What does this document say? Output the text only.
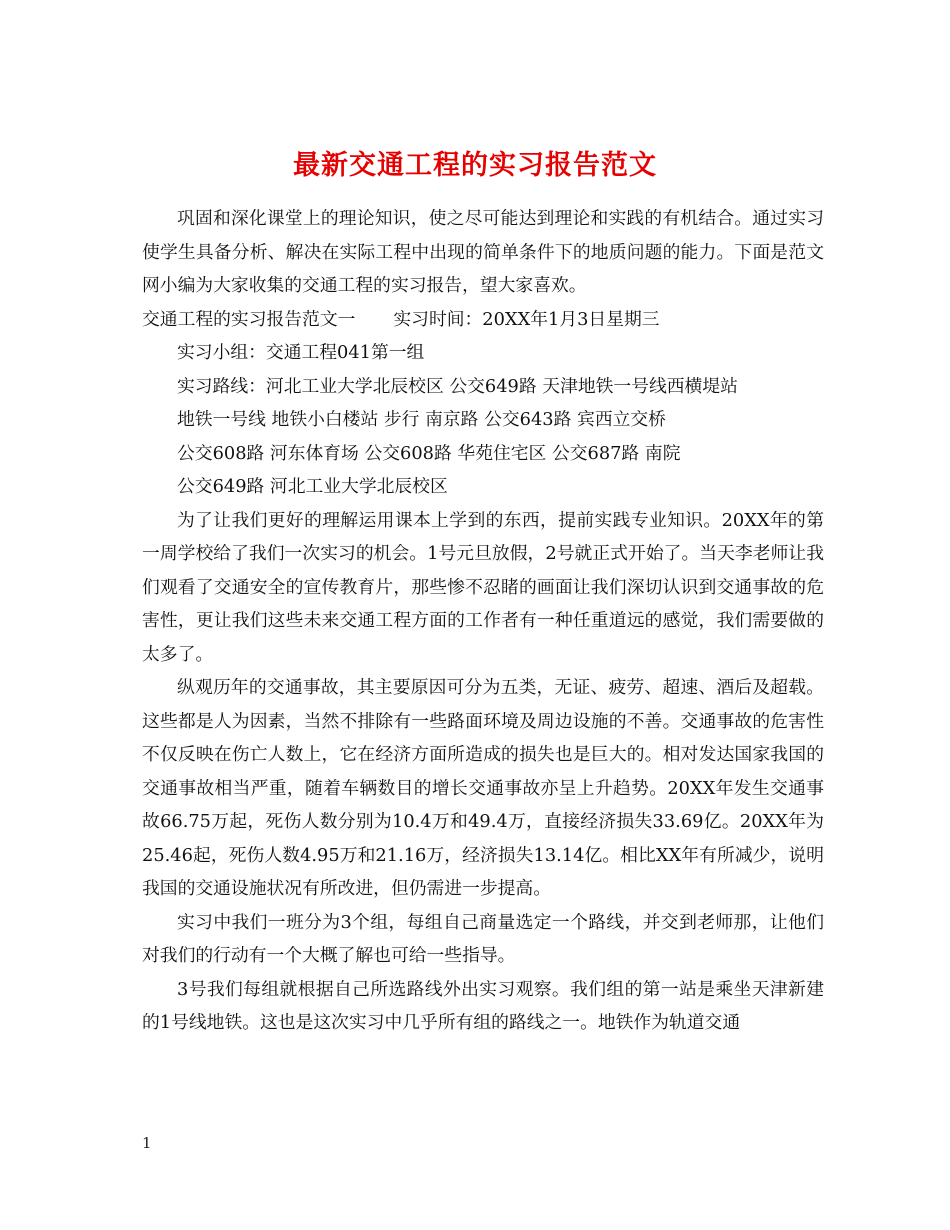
最新交通工程的实习报告范文

巩固和深化课堂上的理论知识，使之尽可能达到理论和实践的有机结合。通过实习使学生具备分析、解决在实际工程中出现的简单条件下的地质问题的能力。下面是范文网小编为大家收集的交通工程的实习报告，望大家喜欢。

交通工程的实习报告范文一 实习时间：20XX年1月3日星期三

实习小组：交通工程041第一组

实习路线：河北工业大学北辰校区 公交649路 天津地铁一号线西横堤站

地铁一号线 地铁小白楼站 步行 南京路 公交643路 宾西立交桥

公交608路 河东体育场 公交608路 华苑住宅区 公交687路 南院

公交649路 河北工业大学北辰校区

为了让我们更好的理解运用课本上学到的东西，提前实践专业知识。20XX年的第一周学校给了我们一次实习的机会。1号元旦放假，2号就正式开始了。当天李老师让我们观看了交通安全的宣传教育片，那些惨不忍睹的画面让我们深切认识到交通事故的危害性，更让我们这些未来交通工程方面的工作者有一种任重道远的感觉，我们需要做的太多了。

纵观历年的交通事故，其主要原因可分为五类，无证、疲劳、超速、酒后及超载。这些都是人为因素，当然不排除有一些路面环境及周边设施的不善。交通事故的危害性不仅反映在伤亡人数上，它在经济方面所造成的损失也是巨大的。相对发达国家我国的交通事故相当严重，随着车辆数目的增长交通事故亦呈上升趋势。20XX年发生交通事故66.75万起，死伤人数分别为10.4万和49.4万，直接经济损失33.69亿。20XX年为25.46起，死伤人数4.95万和21.16万，经济损失13.14亿。相比XX年有所减少，说明我国的交通设施状况有所改进，但仍需进一步提高。

实习中我们一班分为3个组，每组自己商量选定一个路线，并交到老师那，让他们对我们的行动有一个大概了解也可给一些指导。

3号我们每组就根据自己所选路线外出实习观察。我们组的第一站是乘坐天津新建的1号线地铁。这也是这次实习中几乎所有组的路线之一。地铁作为轨道交通

1
